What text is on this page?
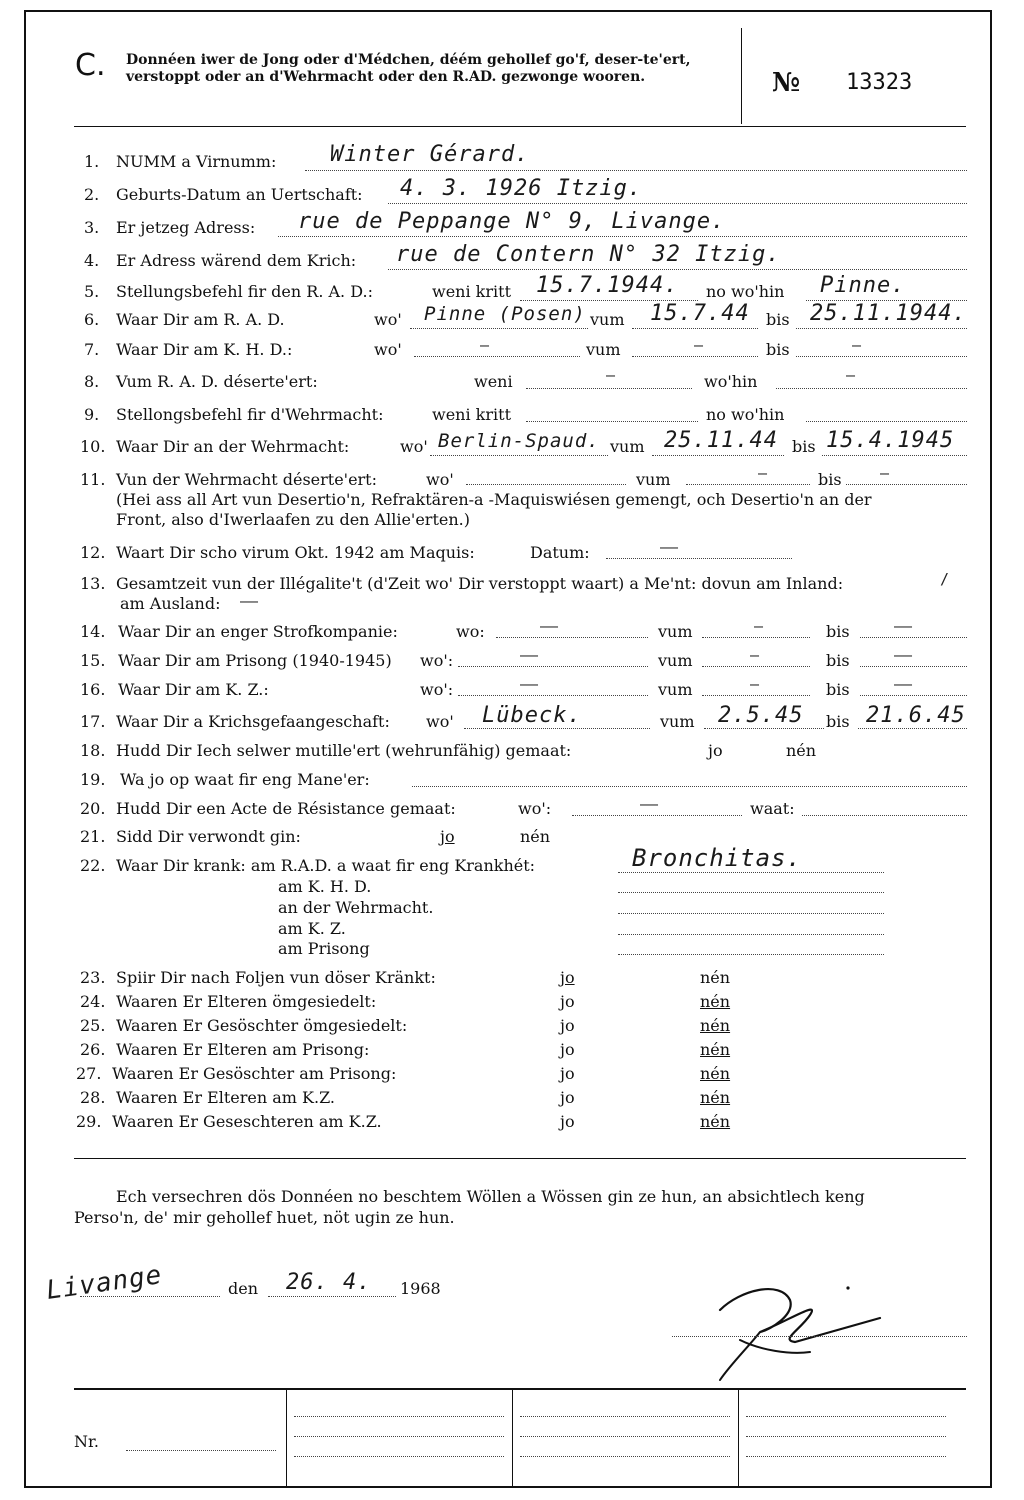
C. Donnéen iwer de Jong oder d'Médchen, déém gehollef go'f, deser-te'ert, verstoppt oder an d'Wehrmacht oder den R.AD. gezwonge wooren.	№ 13323
1. NUMM a Virnumm: Winter Gérard.
2. Geburts-Datum an Uertschaft: 4. 3. 1926 Itzig.
3. Er jetzeg Adress: rue de Peppange N° 9, Livange.
4. Er Adress wärend dem Krich: rue de Contern N° 32 Itzig.
5. Stellungsbefehl fir den R. A. D.:	weni kritt 15.7.1944. no wo'hin Pinne.
6. Waar Dir am R. A. D.	wo' Pinne (Posen) vum 15.7.44 bis 25.11.1944.
7. Waar Dir am K. H. D.:	wo'	—	vum	—	bis	—
8. Vum R. A. D. déserte'ert:	weni	—	wo'hin	—
9. Stellongsbefehl fir d'Wehrmacht:	weni kritt	no wo'hin
10. Waar Dir an der Wehrmacht:	wo' Berlin-Spaud. vum 25.11.44 bis 15.4.1945
11. Vun der Wehrmacht déserte'ert:	wo'	vum	—	bis	—
(Hei ass all Art vun Desertio'n, Refraktären-a -Maquiswiésen gemengt, och Desertio'n an der
Front, also d'Iwerlaafen zu den Allie'erten.)
12. Waart Dir scho virum Okt. 1942 am Maquis:	Datum:	——
13. Gesamtzeit vun der Illégalite't (d'Zeit wo' Dir verstoppt waart) a Me'nt: dovun am Inland:	/
am Ausland: ——
14. Waar Dir an enger Strofkompanie:	wo:	——	vum	—	bis	——
15. Waar Dir am Prisong (1940-1945) wo':	——	vum	—	bis	——
16. Waar Dir am K. Z.:	wo':	——	vum	—	bis	——
17. Waar Dir a Krichsgefaangeschaft: wo' Lübeck.	vum 2.5.45 bis 21.6.45
18. Hudd Dir Iech selwer mutille'ert (wehrunfähig) gemaat:	jo	nén
19. Wa jo op waat fir eng Mane'er:
20. Hudd Dir een Acte de Résistance gemaat:	wo':	——	waat:
21. Sidd Dir verwondt gin:	jo	nén
22. Waar Dir krank: am R.A.D. a waat fir eng Krankhét:	Bronchitas.
am K. H. D.
an der Wehrmacht.
am K. Z.
am Prisong
23. Spiir Dir nach Foljen vun döser Kränkt:	jo	nén
24. Waaren Er Elteren ömgesiedelt:	jo	nén
25. Waaren Er Gesöschter ömgesiedelt:	jo	nén
26. Waaren Er Elteren am Prisong:	jo	nén
27. Waaren Er Gesöschter am Prisong:	jo	nén
28. Waaren Er Elteren am K.Z.	jo	nén
29. Waaren Er Geseschteren am K.Z.	jo	nén
Ech versechren dös Donnéen no beschtem Wöllen a Wössen gin ze hun, an absichtlech keng
Perso'n, de' mir gehollef huet, nöt ugin ze hun.
Livange	den 26. 4. 1968
Nr.
